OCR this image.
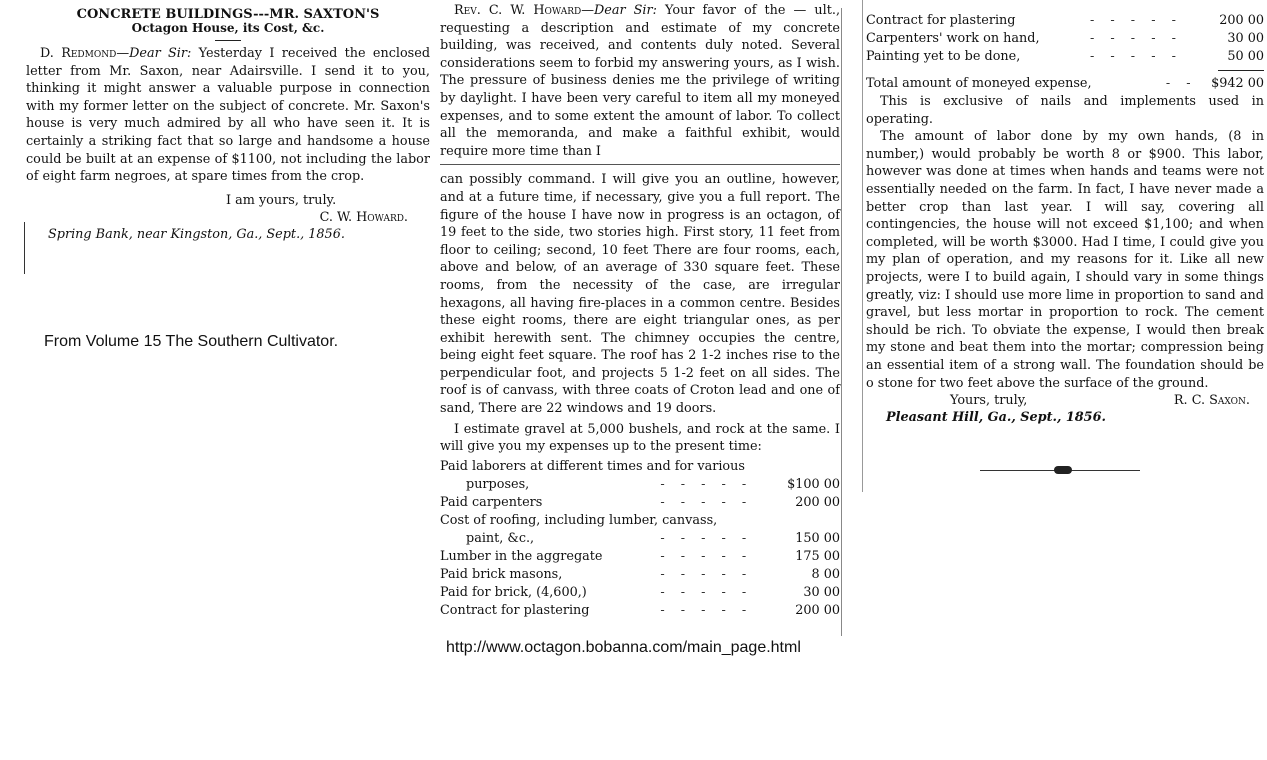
CONCRETE BUILDINGS---MR. SAXTON'S
Octagon House, its Cost, &c.

D. Redmond—Dear Sir: Yesterday I received the enclosed letter from Mr. Saxon, near Adairsville. I send it to you, thinking it might answer a valuable purpose in connection with my former letter on the subject of concrete. Mr. Saxon's house is very much admired by all who have seen it. It is certainly a striking fact that so large and handsome a house could be built at an expense of $1100, not including the labor of eight farm negroes, at spare times from the crop.

I am yours, truly.
C. W. Howard.
Spring Bank, near Kingston, Ga., Sept., 1856.
From Volume 15 The Southern Cultivator.

Rev. C. W. Howard—Dear Sir: Your favor of the — ult., requesting a description and estimate of my concrete building, was received, and contents duly noted. Several considerations seem to forbid my answering yours, as I wish. The pressure of business denies me the privilege of writing by daylight. I have been very careful to item all my moneyed expenses, and to some extent the amount of labor. To collect all the memoranda, and make a faithful exhibit, would require more time than I

can possibly command. I will give you an outline, however, and at a future time, if necessary, give you a full report. The figure of the house I have now in progress is an octagon, of 19 feet to the side, two stories high. First story, 11 feet from floor to ceiling; second, 10 feet There are four rooms, each, above and below, of an average of 330 square feet. These rooms, from the necessity of the case, are irregular hexagons, all having fire-places in a common centre. Besides these eight rooms, there are eight triangular ones, as per exhibit herewith sent. The chimney occupies the centre, being eight feet square. The roof has 2 1-2 inches rise to the perpendicular foot, and projects 5 1-2 feet on all sides. The roof is of canvass, with three coats of Croton lead and one of sand, There are 22 windows and 19 doors.

I estimate gravel at 5,000 bushels, and rock at the same. I will give you my expenses up to the present time:

Paid laborers at different times and for various		
purposes,	- - - - -	$100 00
Paid carpenters	- - - - -	200 00
Cost of roofing, including lumber, canvass,		
paint, &c.,	- - - - -	150 00
Lumber in the aggregate	- - - - -	175 00
Paid brick masons,	- - - - -	8 00
Paid for brick, (4,600,)	- - - - -	30 00
Contract for plastering	- - - - -	200 00
http://www.octagon.bobanna.com/main_page.html
Contract for plastering	- - - - -	200 00
Carpenters' work on hand,	- - - - -	30 00
Painting yet to be done,	- - - - -	50 00
Total amount of moneyed expense,	- -	$942 00

This is exclusive of nails and implements used in operating.

The amount of labor done by my own hands, (8 in number,) would probably be worth 8 or $900. This labor, however was done at times when hands and teams were not essentially needed on the farm. In fact, I have never made a better crop than last year. I will say, covering all contingencies, the house will not exceed $1,100; and when completed, will be worth $3000. Had I time, I could give you my plan of operation, and my reasons for it. Like all new projects, were I to build again, I should vary in some things greatly, viz: I should use more lime in proportion to sand and gravel, but less mortar in proportion to rock. The cement should be rich. To obviate the expense, I would then break my stone and beat them into the mortar; compression being an essential item of a strong wall. The foundation should be o stone for two feet above the surface of the ground.

Yours, truly,	R. C. Saxon.
Pleasant Hill, Ga., Sept., 1856.
